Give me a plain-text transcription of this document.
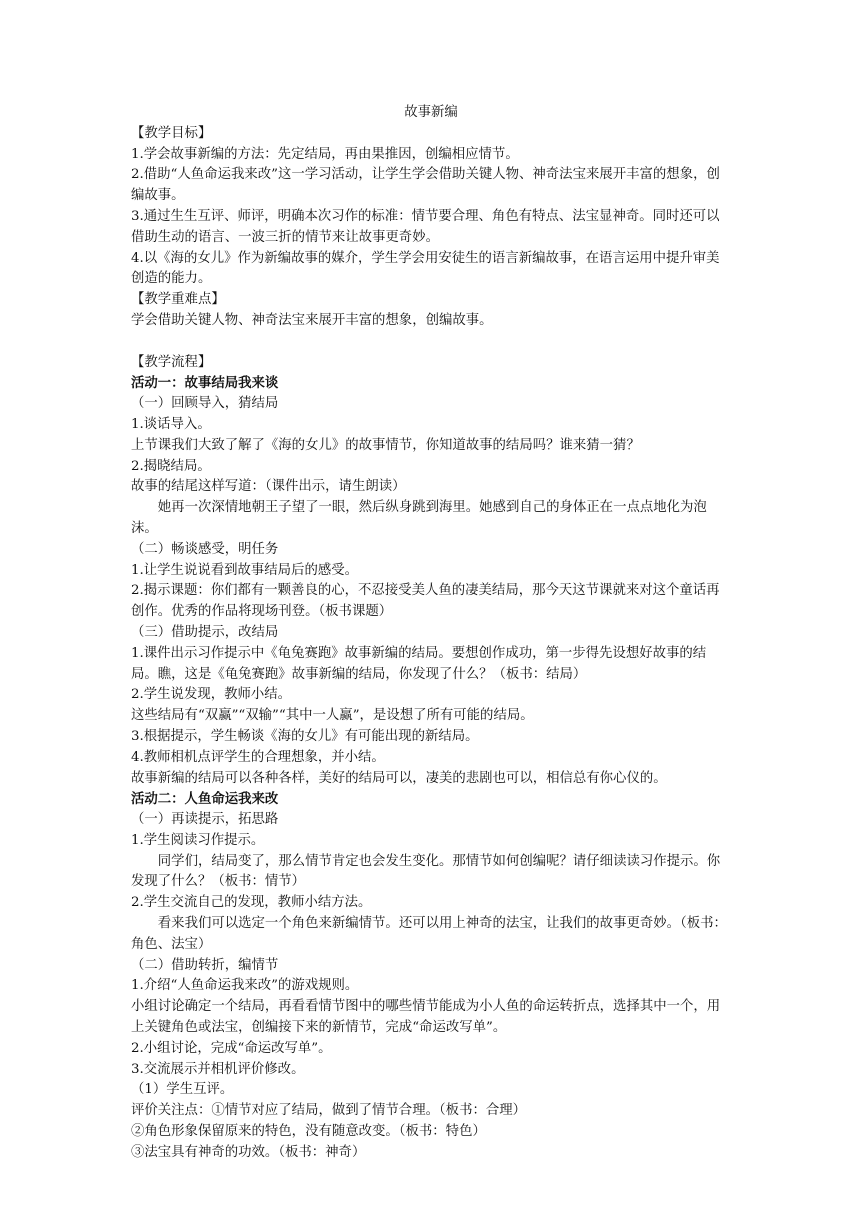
故事新编

【教学目标】

1.学会故事新编的方法：先定结局，再由果推因，创编相应情节。

2.借助“人鱼命运我来改”这一学习活动，让学生学会借助关键人物、神奇法宝来展开丰富的想象，创编故事。

3.通过生生互评、师评，明确本次习作的标准：情节要合理、角色有特点、法宝显神奇。同时还可以借助生动的语言、一波三折的情节来让故事更奇妙。

4.以《海的女儿》作为新编故事的媒介，学生学会用安徒生的语言新编故事，在语言运用中提升审美创造的能力。

【教学重难点】

学会借助关键人物、神奇法宝来展开丰富的想象，创编故事。

【教学流程】

活动一：故事结局我来谈

（一）回顾导入，猜结局

1.谈话导入。

上节课我们大致了解了《海的女儿》的故事情节，你知道故事的结局吗？谁来猜一猜？

2.揭晓结局。

故事的结尾这样写道：（课件出示，请生朗读）

她再一次深情地朝王子望了一眼，然后纵身跳到海里。她感到自己的身体正在一点点地化为泡沫。

（二）畅谈感受，明任务

1.让学生说说看到故事结局后的感受。

2.揭示课题：你们都有一颗善良的心，不忍接受美人鱼的凄美结局，那今天这节课就来对这个童话再创作。优秀的作品将现场刊登。（板书课题）

（三）借助提示，改结局

1.课件出示习作提示中《龟兔赛跑》故事新编的结局。要想创作成功，第一步得先设想好故事的结局。瞧，这是《龟兔赛跑》故事新编的结局，你发现了什么？（板书：结局）

2.学生说发现，教师小结。

这些结局有“双赢”“双输”“其中一人赢”，是设想了所有可能的结局。

3.根据提示，学生畅谈《海的女儿》有可能出现的新结局。

4.教师相机点评学生的合理想象，并小结。

故事新编的结局可以各种各样，美好的结局可以，凄美的悲剧也可以，相信总有你心仪的。

活动二：人鱼命运我来改

（一）再读提示，拓思路

1.学生阅读习作提示。

同学们，结局变了，那么情节肯定也会发生变化。那情节如何创编呢？请仔细读读习作提示。你发现了什么？（板书：情节）

2.学生交流自己的发现，教师小结方法。

看来我们可以选定一个角色来新编情节。还可以用上神奇的法宝，让我们的故事更奇妙。（板书：角色、法宝）

（二）借助转折，编情节

1.介绍“人鱼命运我来改”的游戏规则。

小组讨论确定一个结局，再看看情节图中的哪些情节能成为小人鱼的命运转折点，选择其中一个，用上关键角色或法宝，创编接下来的新情节，完成“命运改写单”。

2.小组讨论，完成“命运改写单”。

3.交流展示并相机评价修改。

（1）学生互评。

评价关注点：①情节对应了结局，做到了情节合理。（板书：合理）

②角色形象保留原来的特色，没有随意改变。（板书：特色）

③法宝具有神奇的功效。（板书：神奇）
